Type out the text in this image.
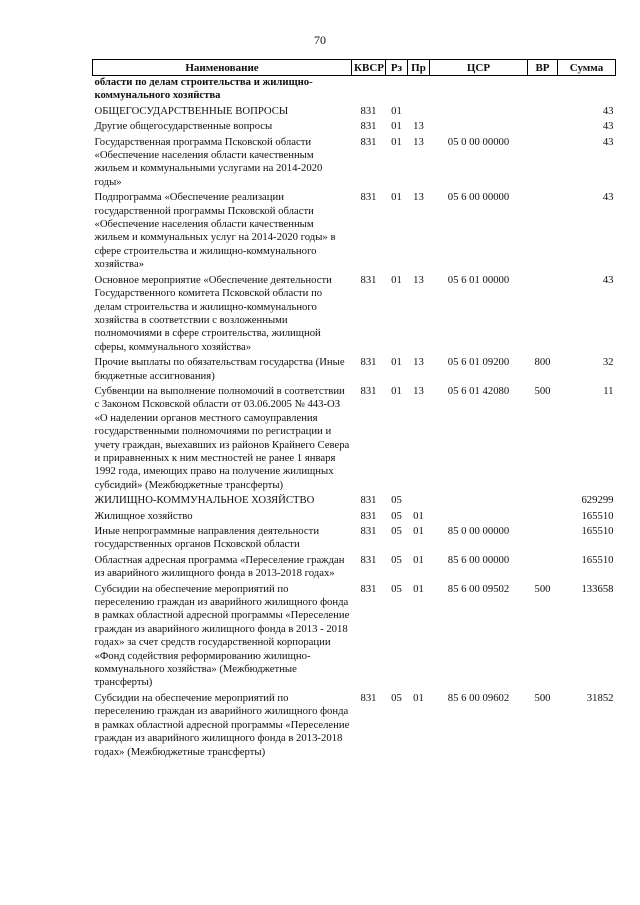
70
Наименование	КВСР	Рз	Пр	ЦСР	ВР	Сумма
области по делам строительства и жилищно-коммунального хозяйства						
ОБЩЕГОСУДАРСТВЕННЫЕ ВОПРОСЫ	831	01				43
Другие общегосударственные вопросы	831	01	13			43
Государственная программа Псковской области «Обеспечение населения области качественным жильем и коммунальными услугами на 2014-2020 годы»	831	01	13	05 0 00 00000		43
Подпрограмма «Обеспечение реализации государственной программы Псковской области «Обеспечение населения области качественным жильем и коммунальных услуг на 2014-2020 годы» в сфере строительства и жилищно-коммунального хозяйства»	831	01	13	05 6 00 00000		43
Основное мероприятие «Обеспечение деятельности Государственного комитета Псковской области по делам строительства и жилищно-коммунального хозяйства в соответствии с возложенными полномочиями в сфере строительства, жилищной сферы, коммунального хозяйства»	831	01	13	05 6 01 00000		43
Прочие выплаты по обязательствам государства (Иные бюджетные ассигнования)	831	01	13	05 6 01 09200	800	32
Субвенции на выполнение полномочий в соответствии с Законом Псковской области от 03.06.2005 № 443-ОЗ «О наделении органов местного самоуправления государственными полномочиями по регистрации и учету граждан, выехавших из районов Крайнего Севера и приравненных к ним местностей не ранее 1 января 1992 года, имеющих право на получение жилищных субсидий» (Межбюджетные трансферты)	831	01	13	05 6 01 42080	500	11
ЖИЛИЩНО-КОММУНАЛЬНОЕ ХОЗЯЙСТВО	831	05				629299
Жилищное хозяйство	831	05	01			165510
Иные непрограммные направления деятельности государственных органов Псковской области	831	05	01	85 0 00 00000		165510
Областная адресная программа «Переселение граждан из аварийного жилищного фонда в 2013-2018 годах»	831	05	01	85 6 00 00000		165510
Субсидии на обеспечение мероприятий по переселению граждан из аварийного жилищного фонда в рамках областной адресной программы «Переселение граждан из аварийного жилищного фонда в 2013 - 2018 годах» за счет средств государственной корпорации «Фонд содействия реформированию жилищно-коммунального хозяйства» (Межбюджетные трансферты)	831	05	01	85 6 00 09502	500	133658
Субсидии на обеспечение мероприятий по переселению граждан из аварийного жилищного фонда в рамках областной адресной программы «Переселение граждан из аварийного жилищного фонда в 2013-2018 годах» (Межбюджетные трансферты)	831	05	01	85 6 00 09602	500	31852
